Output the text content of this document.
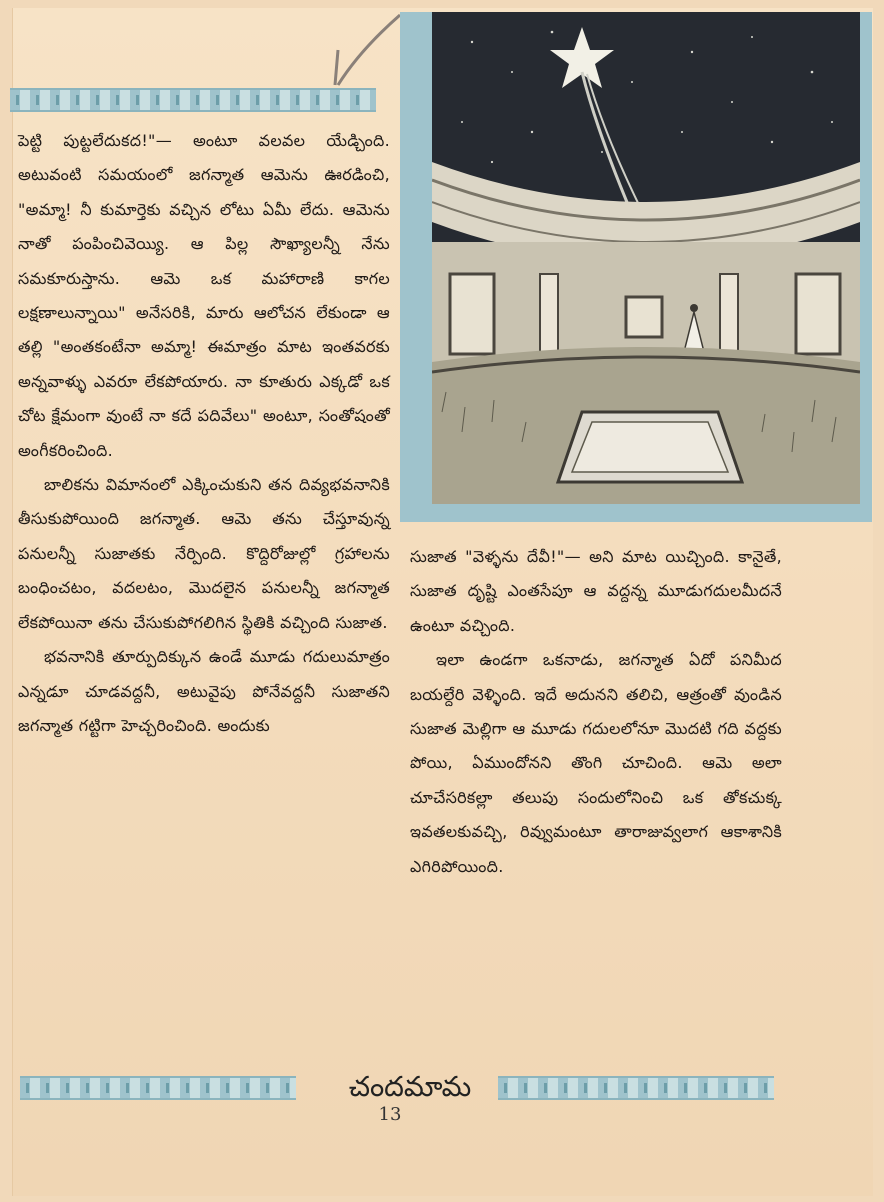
పెట్టి పుట్టలేదుకద!"— అంటూ వలవల యేడ్చింది. అటువంటి సమయంలో జగన్మాత ఆమెను ఊరడించి, "అమ్మా! నీ కుమార్తెకు వచ్చిన లోటు ఏమీ లేదు. ఆమెను నాతో పంపించివెయ్యి. ఆ పిల్ల సౌఖ్యాలన్నీ నేను సమకూరుస్తాను. ఆమె ఒక మహారాణి కాగల లక్షణాలున్నాయి" అనేసరికి, మారు ఆలోచన లేకుండా ఆ తల్లి "అంతకంటేనా అమ్మా! ఈమాత్రం మాట ఇంతవరకు అన్నవాళ్ళు ఎవరూ లేకపోయారు. నా కూతురు ఎక్కడో ఒక చోట క్షేమంగా వుంటే నా కదే పదివేలు" అంటూ, సంతోషంతో అంగీకరించింది.

బాలికను విమానంలో ఎక్కించుకుని తన దివ్యభవనానికి తీసుకుపోయింది జగన్మాత. ఆమె తను చేస్తూవున్న పనులన్నీ సుజాతకు నేర్పింది. కొద్దిరోజుల్లో గ్రహాలను బంధించటం, వదలటం, మొదలైన పనులన్నీ జగన్మాత లేకపోయినా తను చేసుకుపోగలిగిన స్థితికి వచ్చింది సుజాత.

భవనానికి తూర్పుదిక్కున ఉండే మూడు గదులుమాత్రం ఎన్నడూ చూడవద్దనీ, అటువైపు పోనేవద్దనీ సుజాతని జగన్మాత గట్టిగా హెచ్చరించింది. అందుకు

సుజాత "వెళ్ళను దేవీ!"— అని మాట యిచ్చింది. కానైతే, సుజాత దృష్టి ఎంతసేపూ ఆ వద్దన్న మూడుగదులమీదనే ఉంటూ వచ్చింది.

ఇలా ఉండగా ఒకనాడు, జగన్మాత ఏదో పనిమీద బయల్దేరి వెళ్ళింది. ఇదే అదునని తలిచి, ఆత్రంతో వుండిన సుజాత మెల్లిగా ఆ మూడు గదులలోనూ మొదటి గది వద్దకు పోయి, ఏముందోనని తొంగి చూచింది. ఆమె అలా చూచేసరికల్లా తలుపు సందులోనించి ఒక తోకచుక్క ఇవతలకువచ్చి, రివ్వుమంటూ తారాజువ్వలాగ ఆకాశానికి ఎగిరిపోయింది.

చందమామ
13
